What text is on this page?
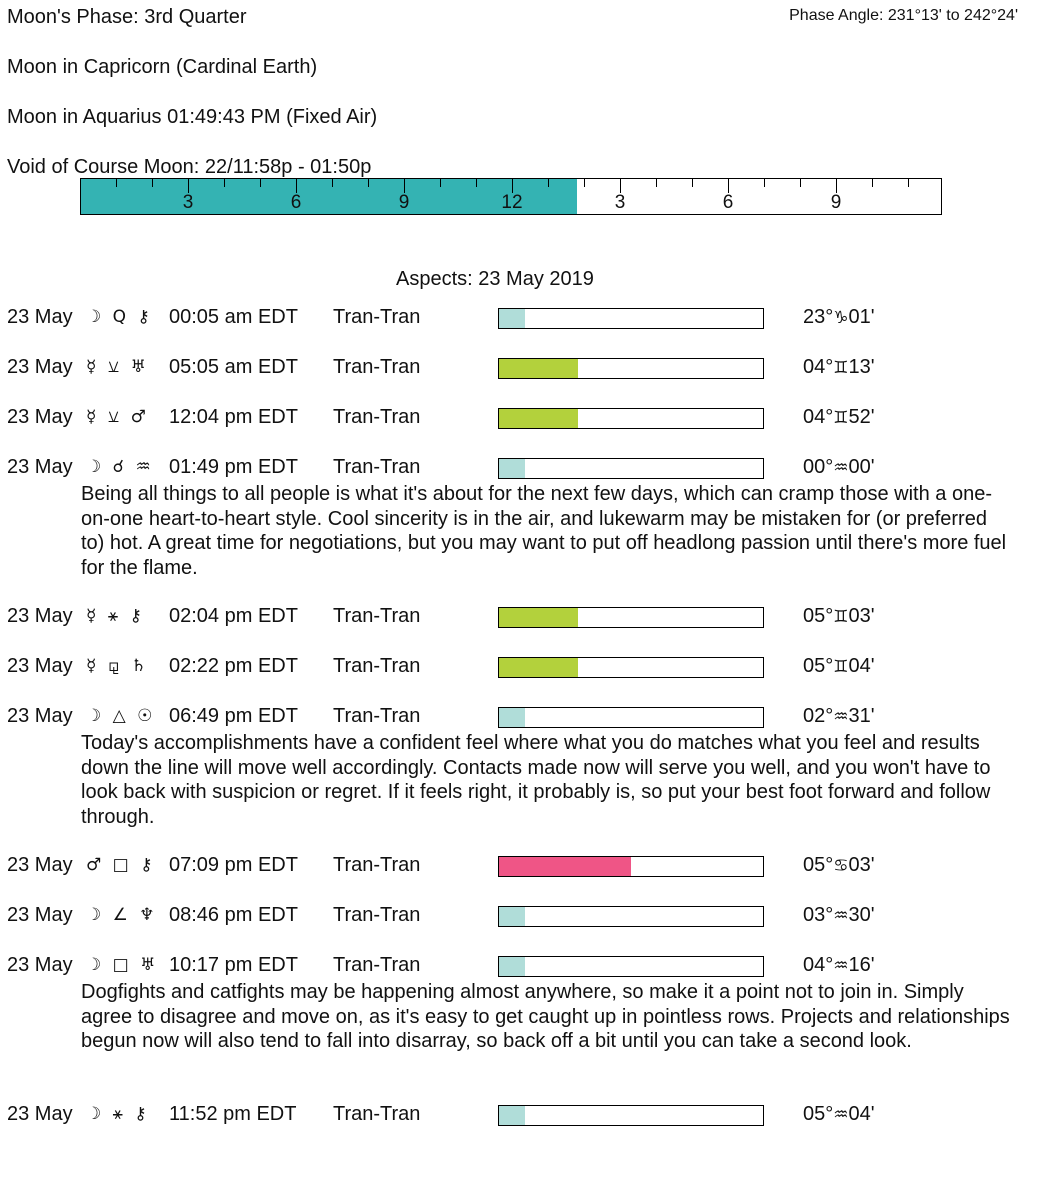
Moon's Phase: 3rd Quarter	Phase Angle: 231°13' to 242°24'
Moon in Capricorn (Cardinal Earth)
Moon in Aquarius 01:49:43 PM (Fixed Air)
Void of Course Moon: 22/11:58p - 01:50p
3	6	9	12	3	6	9
Aspects: 23 May 2019
23 May ☽ Q ⚷ 00:05 am EDT Tran-Tran	23°♑01'
23 May ☿ ⚺ ♅ 05:05 am EDT Tran-Tran	04°♊13'
23 May ☿ ⚺ ♂ 12:04 pm EDT Tran-Tran	04°♊52'
23 May ☽ ☌ ♒ 01:49 pm EDT Tran-Tran	00°♒00'
Being all things to all people is what it's about for the next few days, which can cramp those with a one-on-one heart-to-heart style. Cool sincerity is in the air, and lukewarm may be mistaken for (or preferred to) hot. A great time for negotiations, but you may want to put off headlong passion until there's more fuel for the flame.
23 May ☿ ⚹ ⚷ 02:04 pm EDT Tran-Tran	05°♊03'
23 May ☿ ⚼ ♄ 02:22 pm EDT Tran-Tran	05°♊04'
23 May ☽ △ ☉ 06:49 pm EDT Tran-Tran	02°♒31'
Today's accomplishments have a confident feel where what you do matches what you feel and results down the line will move well accordingly. Contacts made now will serve you well, and you won't have to look back with suspicion or regret. If it feels right, it probably is, so put your best foot forward and follow through.
23 May ♂ □ ⚷ 07:09 pm EDT Tran-Tran	05°♋03'
23 May ☽ ∠ ♆ 08:46 pm EDT Tran-Tran	03°♒30'
23 May ☽ □ ♅ 10:17 pm EDT Tran-Tran	04°♒16'
Dogfights and catfights may be happening almost anywhere, so make it a point not to join in. Simply agree to disagree and move on, as it's easy to get caught up in pointless rows. Projects and relationships begun now will also tend to fall into disarray, so back off a bit until you can take a second look.
23 May ☽ ⚹ ⚷ 11:52 pm EDT Tran-Tran	05°♒04'
